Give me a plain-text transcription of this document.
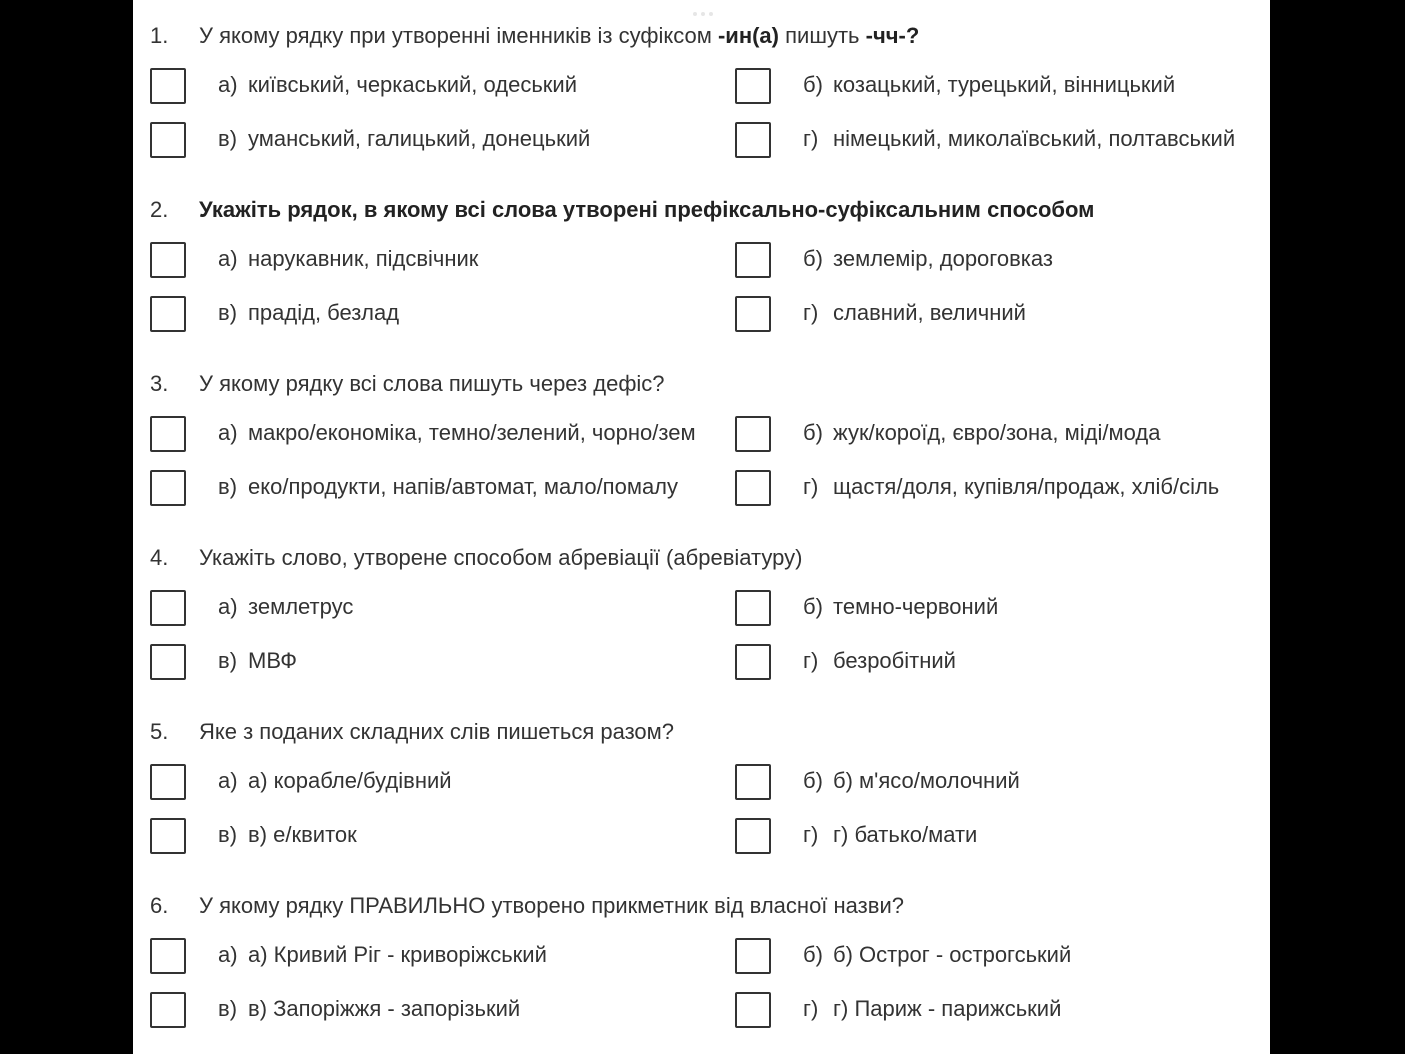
1. У якому рядку при утворенні іменників із суфіксом -ин(а) пишуть -чч-?
а) київський, черкаський, одеський	б) козацький, турецький, вінницький
в) уманський, галицький, донецький	г) німецький, миколаївський, полтавський
2. Укажіть рядок, в якому всі слова утворені префіксально-суфіксальним способом
а) нарукавник, підсвічник	б) землемір, дороговказ
в) прадід, безлад	г) славний, величний
3. У якому рядку всі слова пишуть через дефіс?
а) макро/економіка, темно/зелений, чорно/зем	б) жук/короїд, євро/зона, міді/мода
в) еко/продукти, напів/автомат, мало/помалу	г) щастя/доля, купівля/продаж, хліб/сіль
4. Укажіть слово, утворене способом абревіації (абревіатуру)
а) землетрус	б) темно-червоний
в) МВФ	г) безробітний
5. Яке з поданих складних слів пишеться разом?
а) а) корабле/будівний	б) б) м'ясо/молочний
в) в) е/квиток	г) г) батько/мати
6. У якому рядку ПРАВИЛЬНО утворено прикметник від власної назви?
а) а) Кривий Ріг - криворіжський	б) б) Острог - острогський
в) в) Запоріжжя - запорізький	г) г) Париж - парижський
